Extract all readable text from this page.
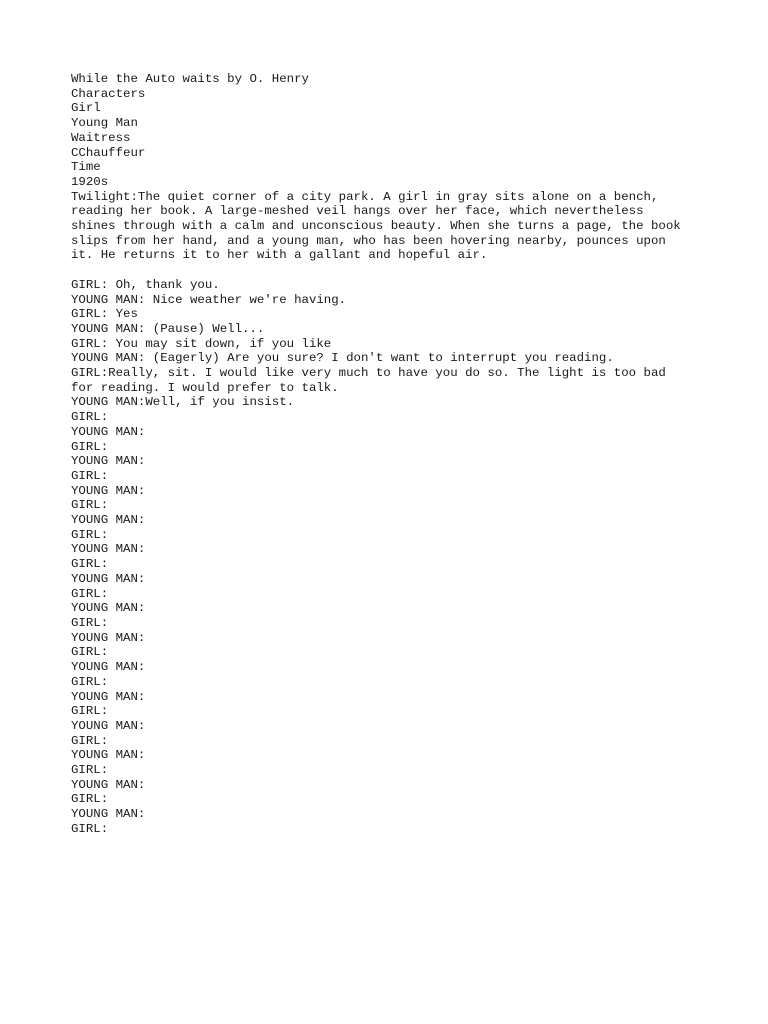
While the Auto waits by O. Henry
Characters
Girl
Young Man
Waitress
CChauffeur
Time
1920s
Twilight:The quiet corner of a city park. A girl in gray sits alone on a bench,
reading her book. A large-meshed veil hangs over her face, which nevertheless
shines through with a calm and unconscious beauty. When she turns a page, the book
slips from her hand, and a young man, who has been hovering nearby, pounces upon
it. He returns it to her with a gallant and hopeful air.
GIRL: Oh, thank you.
YOUNG MAN: Nice weather we're having.
GIRL: Yes
YOUNG MAN: (Pause) Well...
GIRL: You may sit down, if you like
YOUNG MAN: (Eagerly) Are you sure? I don't want to interrupt you reading.
GIRL:Really, sit. I would like very much to have you do so. The light is too bad
for reading. I would prefer to talk.
YOUNG MAN:Well, if you insist.
GIRL:
YOUNG MAN:
GIRL:
YOUNG MAN:
GIRL:
YOUNG MAN:
GIRL:
YOUNG MAN:
GIRL:
YOUNG MAN:
GIRL:
YOUNG MAN:
GIRL:
YOUNG MAN:
GIRL:
YOUNG MAN:
GIRL:
YOUNG MAN:
GIRL:
YOUNG MAN:
GIRL:
YOUNG MAN:
GIRL:
YOUNG MAN:
GIRL:
YOUNG MAN:
GIRL:
YOUNG MAN:
GIRL:
